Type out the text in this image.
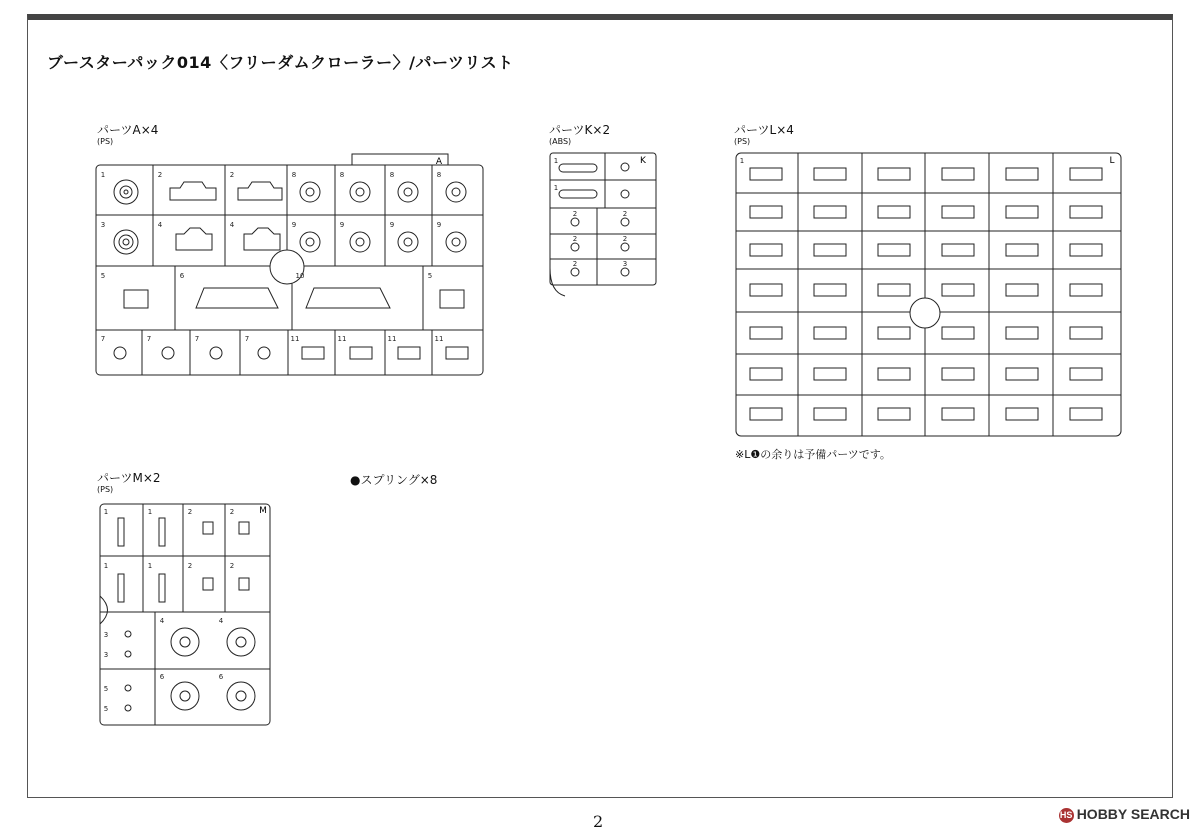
ブースターパック014〈フリーダムクローラー〉/パーツリスト
パーツA×4
(PS)
A
1	2	2	8	8	8	8
3	4	4	9	9	9	9
5	6	10	5
7	7	7	7	11	11	11	11
パーツK×2
(ABS)
K
1
1
2	2
2	2
2	3
パーツL×4
(PS)
L
1
※L❶の余りは予備パーツです。
パーツM×2
(PS)
M
1	1	2	2
1	1	2	2
3
3
4	4
5
5
6	6
●スプリング×8
2	HS HOBBY SEARCH
